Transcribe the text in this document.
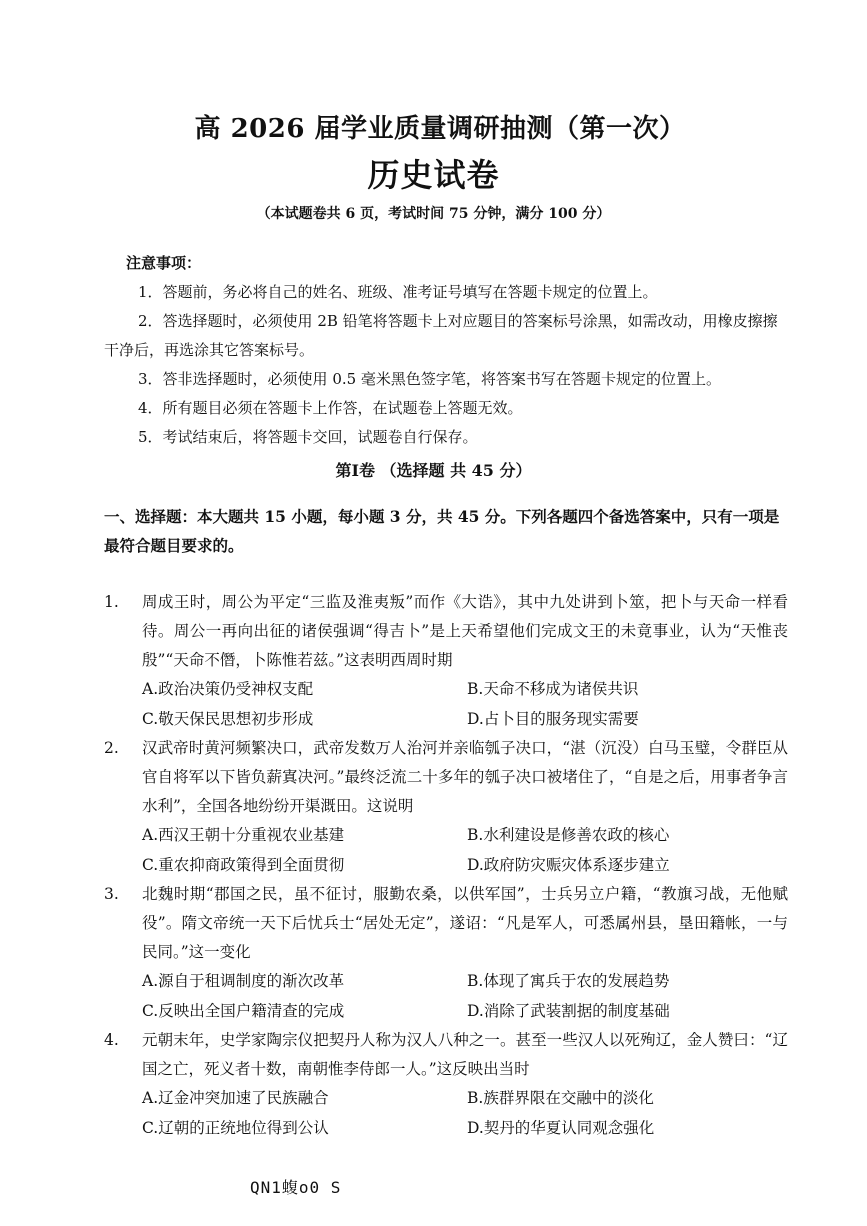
高 2026 届学业质量调研抽测（第一次）
历史试卷
（本试题卷共 6 页，考试时间 75 分钟，满分 100 分）
注意事项：
1．答题前，务必将自己的姓名、班级、准考证号填写在答题卡规定的位置上。
2．答选择题时，必须使用 2B 铅笔将答题卡上对应题目的答案标号涂黑，如需改动，用橡皮擦擦干净后，再选涂其它答案标号。
3．答非选择题时，必须使用 0.5 毫米黑色签字笔，将答案书写在答题卡规定的位置上。
4．所有题目必须在答题卡上作答，在试题卷上答题无效。
5．考试结束后，将答题卡交回，试题卷自行保存。
第Ⅰ卷 （选择题 共 45 分）
一、选择题：本大题共 15 小题，每小题 3 分，共 45 分。下列各题四个备选答案中，只有一项是最符合题目要求的。
1.	周成王时，周公为平定“三监及淮夷叛”而作《大诰》，其中九处讲到卜筮，把卜与天命一样看待。周公一再向出征的诸侯强调“得吉卜”是上天希望他们完成文王的未竟事业，认为“天惟丧殷”“天命不僭，卜陈惟若兹。”这表明西周时期
A.政治决策仍受神权支配	B.天命不移成为诸侯共识
C.敬天保民思想初步形成	D.占卜目的服务现实需要
2.	汉武帝时黄河频繁决口，武帝发数万人治河并亲临瓠子决口，“湛（沉没）白马玉璧，令群臣从官自将军以下皆负薪寘决河。”最终泛流二十多年的瓠子决口被堵住了，“自是之后，用事者争言水利”，全国各地纷纷开渠溉田。这说明
A.西汉王朝十分重视农业基建	B.水利建设是修善农政的核心
C.重农抑商政策得到全面贯彻	D.政府防灾赈灾体系逐步建立
3.	北魏时期“郡国之民，虽不征讨，服勤农桑，以供军国”，士兵另立户籍，“教旗习战，无他赋役”。隋文帝统一天下后忧兵士“居处无定”，遂诏：“凡是军人，可悉属州县，垦田籍帐，一与民同。”这一变化
A.源自于租调制度的渐次改革	B.体现了寓兵于农的发展趋势
C.反映出全国户籍清查的完成	D.消除了武装割据的制度基础
4.	元朝末年，史学家陶宗仪把契丹人称为汉人八种之一。甚至一些汉人以死殉辽，金人赞曰：“辽国之亡，死义者十数，南朝惟李侍郎一人。”这反映出当时
A.辽金冲突加速了民族融合	B.族群界限在交融中的淡化
C.辽朝的正统地位得到公认	D.契丹的华夏认同观念强化
QN1蝮o0 S
